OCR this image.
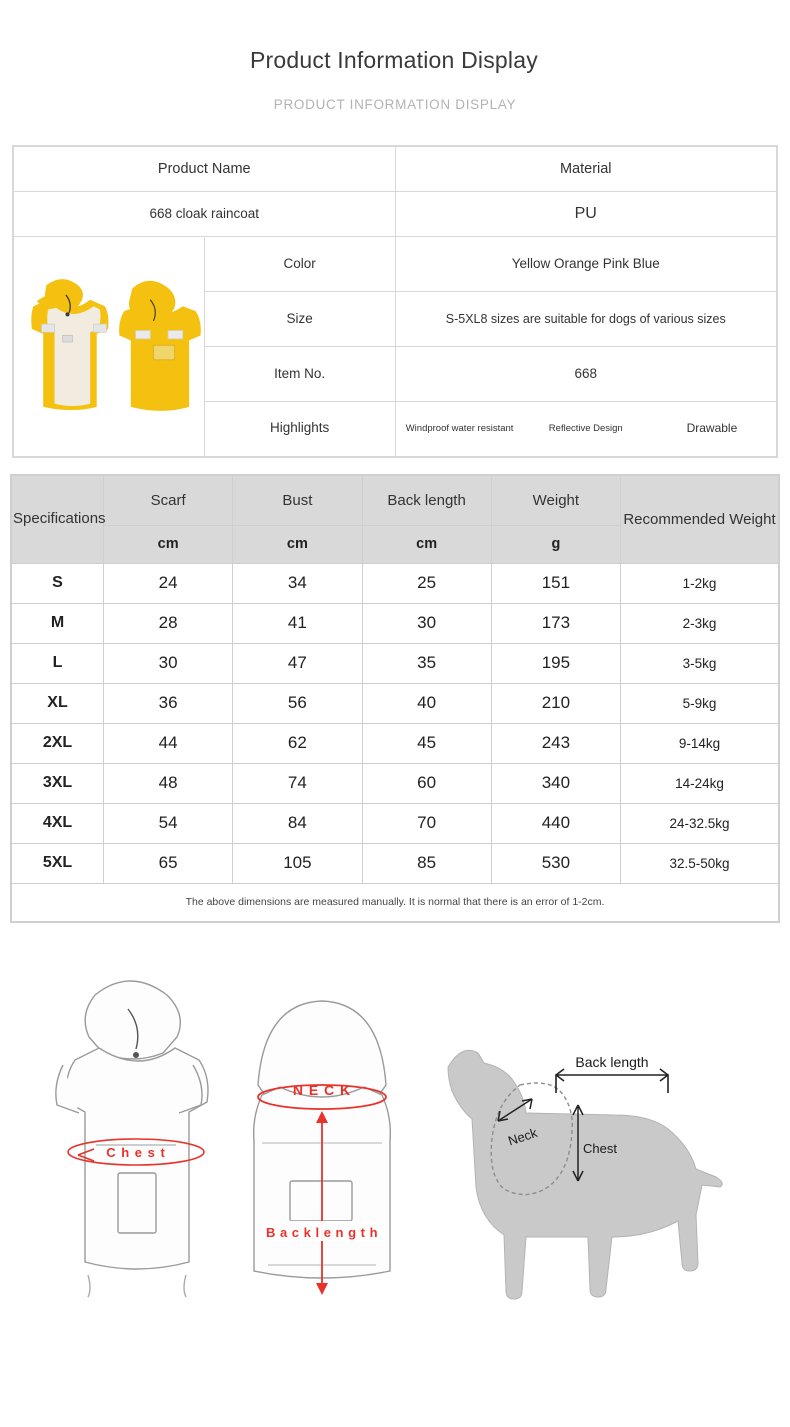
Product Information Display
PRODUCT INFORMATION DISPLAY
Product Name		Material
668 cloak raincoat		PU

	Color	Yellow Orange Pink Blue
	Size	S-5XL8 sizes are suitable for dogs of various sizes
	Item No.	668
	Highlights	Windproof water resistant Reflective Design Drawable
Specifications	Scarf	Bust	Back length	Weight	Recommended Weight
	cm	cm	cm	g	
S	24	34	25	151	1-2kg
M	28	41	30	173	2-3kg
L	30	47	35	195	3-5kg
XL	36	56	40	210	5-9kg
2XL	44	62	45	243	9-14kg
3XL	48	74	60	340	14-24kg
4XL	54	84	70	440	24-32.5kg
5XL	65	105	85	530	32.5-50kg
The above dimensions are measured manually. It is normal that there is an error of 1-2cm.					
C h e s t
N E C K
B a c k l e n g t h
Back length
Neck
Chest
